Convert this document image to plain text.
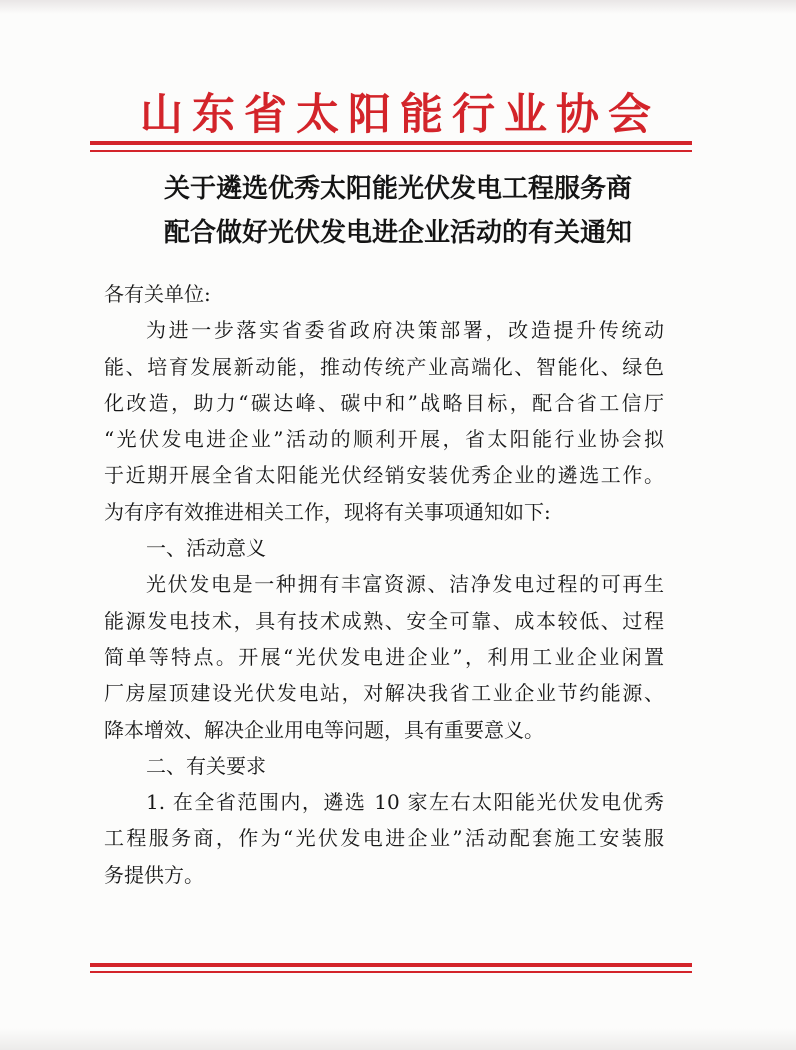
山东省太阳能行业协会
关于遴选优秀太阳能光伏发电工程服务商
配合做好光伏发电进企业活动的有关通知
各有关单位:
为进一步落实省委省政府决策部署，改造提升传统动
能、培育发展新动能，推动传统产业高端化、智能化、绿色
化改造，助力“碳达峰、碳中和”战略目标，配合省工信厅
“光伏发电进企业”活动的顺利开展，省太阳能行业协会拟
于近期开展全省太阳能光伏经销安装优秀企业的遴选工作。
为有序有效推进相关工作，现将有关事项通知如下:
一、活动意义
光伏发电是一种拥有丰富资源、洁净发电过程的可再生
能源发电技术，具有技术成熟、安全可靠、成本较低、过程
简单等特点。开展“光伏发电进企业”，利用工业企业闲置
厂房屋顶建设光伏发电站，对解决我省工业企业节约能源、
降本增效、解决企业用电等问题，具有重要意义。
二、有关要求
1. 在全省范围内，遴选 10 家左右太阳能光伏发电优秀
工程服务商，作为“光伏发电进企业”活动配套施工安装服
务提供方。
